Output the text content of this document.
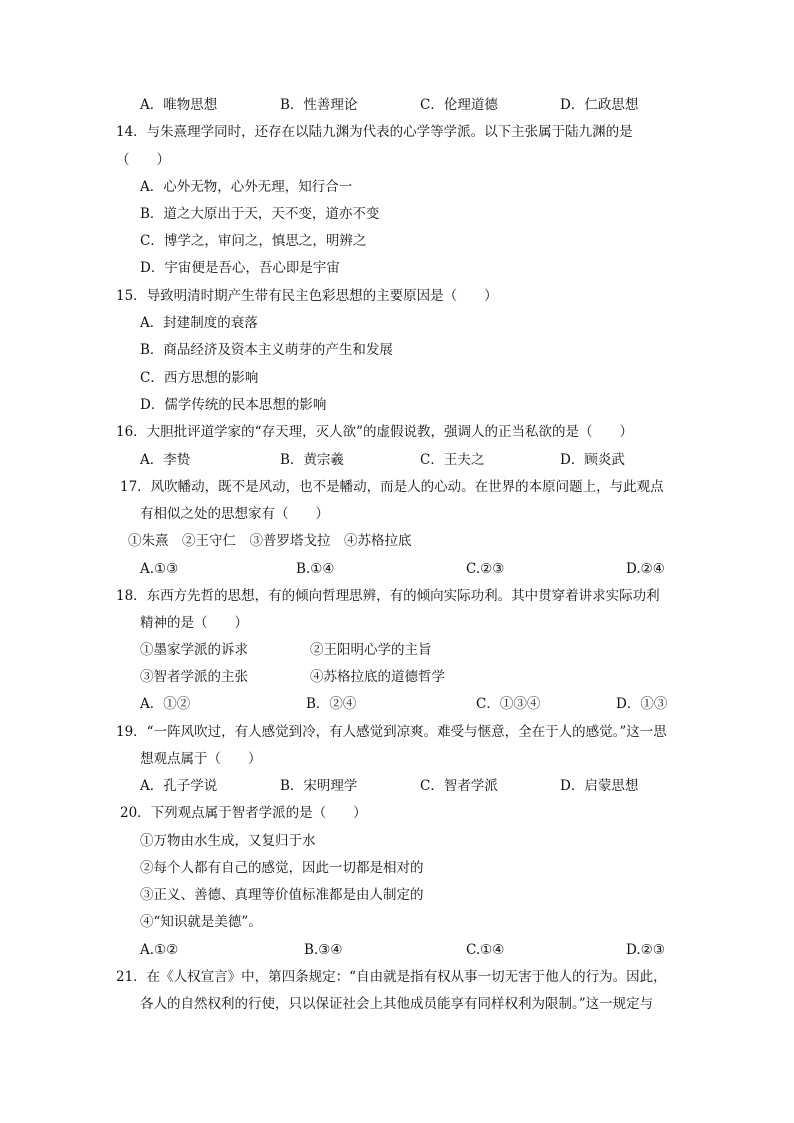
A．唯物思想	B．性善理论	C．伦理道德	D．仁政思想
14．与朱熹理学同时，还存在以陆九渊为代表的心学等学派。以下主张属于陆九渊的是
（　　）
A．心外无物，心外无理，知行合一
B．道之大原出于天，天不变，道亦不变
C．博学之，审问之，慎思之，明辨之
D．宇宙便是吾心，吾心即是宇宙
15．导致明清时期产生带有民主色彩思想的主要原因是（　　）
A．封建制度的衰落
B．商品经济及资本主义萌芽的产生和发展
C．西方思想的影响
D．儒学传统的民本思想的影响
16．大胆批评道学家的“存天理，灭人欲”的虚假说教，强调人的正当私欲的是（　　）
A．李贽	B．黄宗羲	C．王夫之	D．顾炎武
17．风吹幡动，既不是风动，也不是幡动，而是人的心动。在世界的本原问题上，与此观点
有相似之处的思想家有（　　）
①朱熹　②王守仁　③普罗塔戈拉　④苏格拉底
A.①③	B.①④	C.②③	D.②④
18．东西方先哲的思想，有的倾向哲理思辨，有的倾向实际功利。其中贯穿着讲求实际功利
精神的是（　　）
①墨家学派的诉求	②王阳明心学的主旨
③智者学派的主张	④苏格拉底的道德哲学
A．①②	B．②④	C．①③④	D．①③
19．“一阵风吹过，有人感觉到冷，有人感觉到凉爽。难受与惬意，全在于人的感觉。”这一思
想观点属于（　　）
A．孔子学说	B．宋明理学	C．智者学派	D．启蒙思想
20．下列观点属于智者学派的是（　　）
①万物由水生成，又复归于水
②每个人都有自己的感觉，因此一切都是相对的
③正义、善德、真理等价值标准都是由人制定的
④“知识就是美德”。
A.①②	B.③④	C.①④	D.②③
21．在《人权宣言》中，第四条规定：“自由就是指有权从事一切无害于他人的行为。因此，
各人的自然权利的行使，只以保证社会上其他成员能享有同样权利为限制。”这一规定与
